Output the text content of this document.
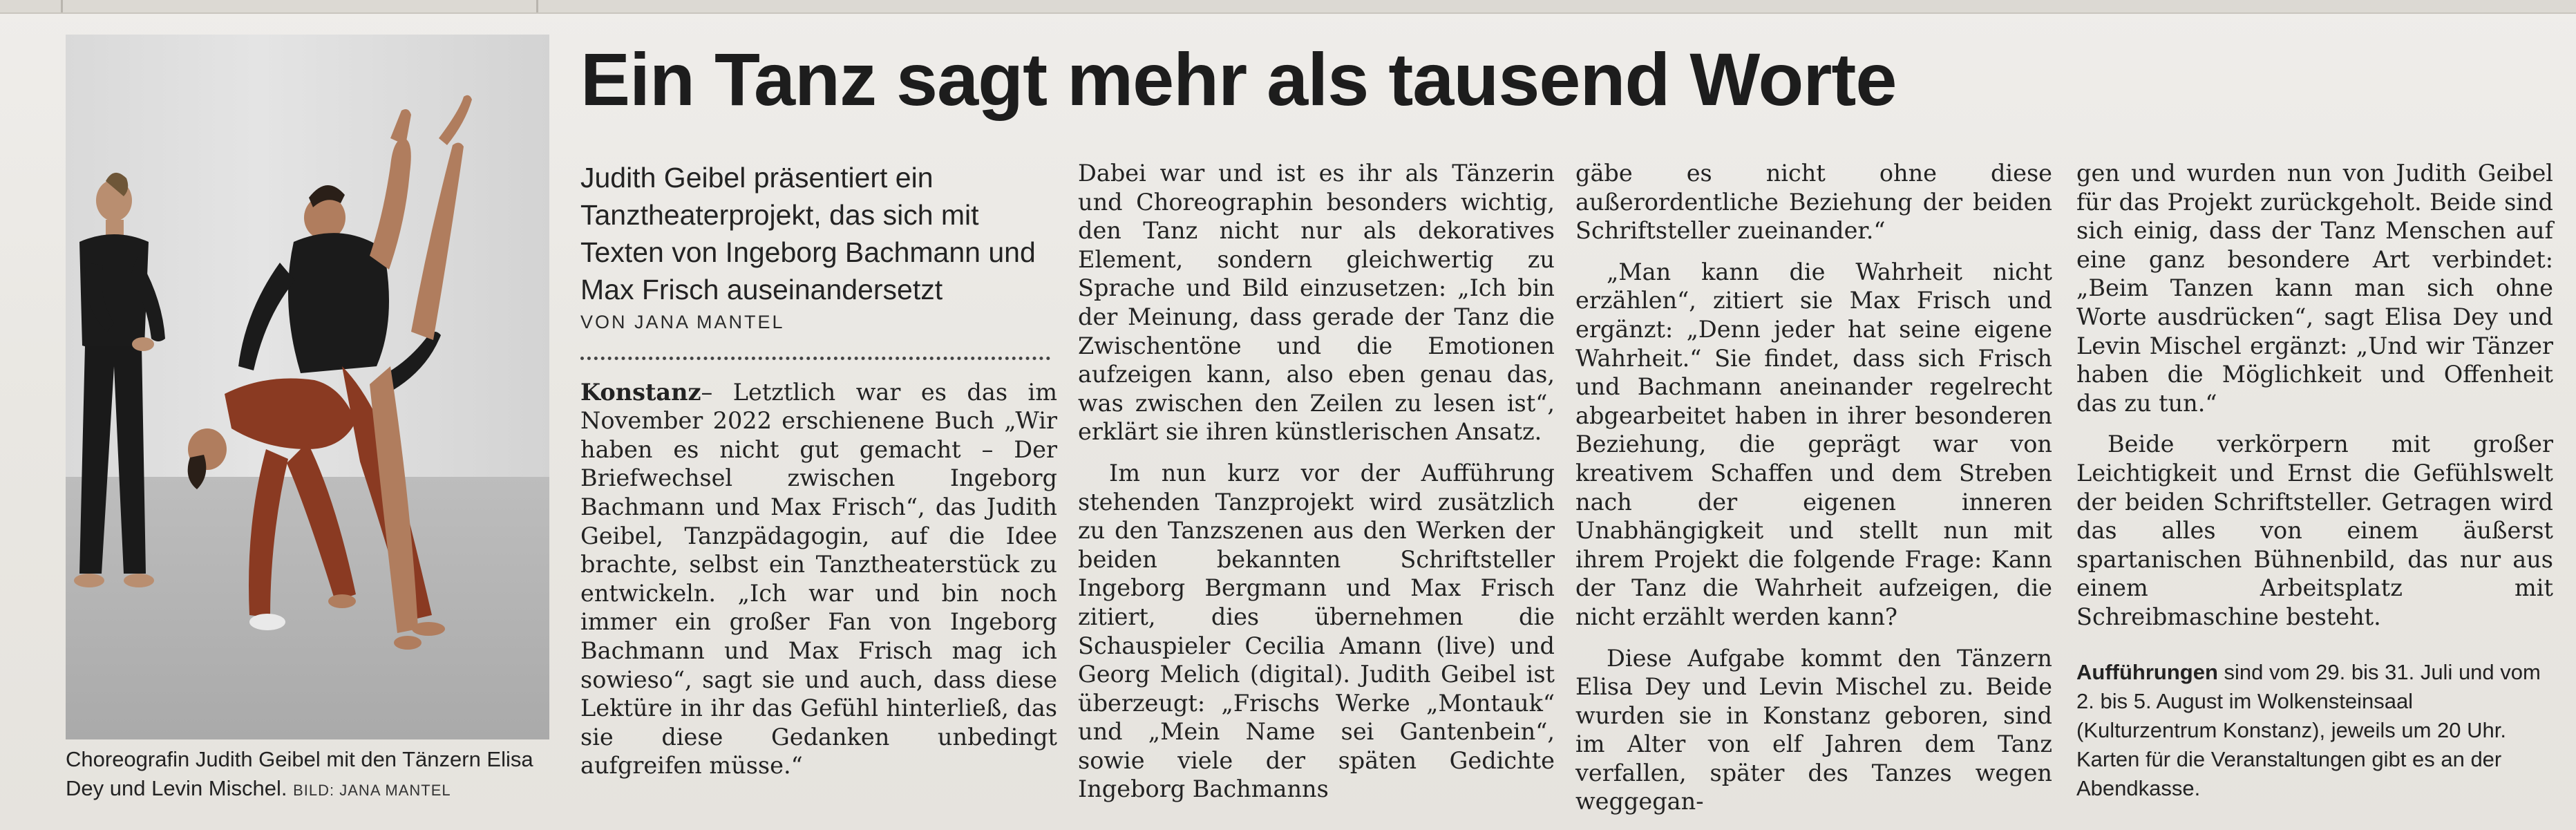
Choreografin Judith Geibel mit den Tänzern Elisa Dey und Levin Mischel. BILD: JANA MANTEL
Ein Tanz sagt mehr als tausend Worte

Judith Geibel präsentiert ein Tanztheaterprojekt, das sich mit Texten von Ingeborg Bachmann und Max Frisch auseinandersetzt

VON JANA MANTEL

Konstanz– Letztlich war es das im November 2022 erschienene Buch „Wir haben es nicht gut gemacht – Der Briefwechsel zwischen Ingeborg Bachmann und Max Frisch“, das Judith Geibel, Tanzpädagogin, auf die Idee brachte, selbst ein Tanztheaterstück zu entwickeln. „Ich war und bin noch immer ein großer Fan von Ingeborg Bachmann und Max Frisch mag ich sowieso“, sagt sie und auch, dass diese Lektüre in ihr das Gefühl hinterließ, das sie diese Gedanken unbedingt aufgreifen müsse.“

Dabei war und ist es ihr als Tänzerin und Choreographin besonders wichtig, den Tanz nicht nur als dekoratives Element, sondern gleichwertig zu Sprache und Bild einzusetzen: „Ich bin der Meinung, dass gerade der Tanz die Zwischentöne und die Emotionen aufzeigen kann, also eben genau das, was zwischen den Zeilen zu lesen ist“, erklärt sie ihren künstlerischen Ansatz.

Im nun kurz vor der Aufführung stehenden Tanzprojekt wird zusätzlich zu den Tanzszenen aus den Werken der beiden bekannten Schriftsteller Ingeborg Bergmann und Max Frisch zitiert, dies übernehmen die Schauspieler Cecilia Amann (live) und Georg Melich (digital). Judith Geibel ist überzeugt: „Frischs Werke „Montauk“ und „Mein Name sei Gantenbein“, sowie viele der späten Gedichte Ingeborg Bachmanns

gäbe es nicht ohne diese außerordentliche Beziehung der beiden Schriftsteller zueinander.“

„Man kann die Wahrheit nicht erzählen“, zitiert sie Max Frisch und ergänzt: „Denn jeder hat seine eigene Wahrheit.“ Sie findet, dass sich Frisch und Bachmann aneinander regelrecht abgearbeitet haben in ihrer besonderen Beziehung, die geprägt war von kreativem Schaffen und dem Streben nach der eigenen inneren Unabhängigkeit und stellt nun mit ihrem Projekt die folgende Frage: Kann der Tanz die Wahrheit aufzeigen, die nicht erzählt werden kann?

Diese Aufgabe kommt den Tänzern Elisa Dey und Levin Mischel zu. Beide wurden sie in Konstanz geboren, sind im Alter von elf Jahren dem Tanz verfallen, später des Tanzes wegen weggegan-

gen und wurden nun von Judith Geibel für das Projekt zurückgeholt. Beide sind sich einig, dass der Tanz Menschen auf eine ganz besondere Art verbindet: „Beim Tanzen kann man sich ohne Worte ausdrücken“, sagt Elisa Dey und Levin Mischel ergänzt: „Und wir Tänzer haben die Möglichkeit und Offenheit das zu tun.“

Beide verkörpern mit großer Leichtigkeit und Ernst die Gefühlswelt der beiden Schriftsteller. Getragen wird das alles von einem äußerst spartanischen Bühnenbild, das nur aus einem Arbeitsplatz mit Schreibmaschine besteht.

Aufführungen sind vom 29. bis 31. Juli und vom 2. bis 5. August im Wolkensteinsaal (Kulturzentrum Konstanz), jeweils um 20 Uhr. Karten für die Veranstaltungen gibt es an der Abendkasse.
